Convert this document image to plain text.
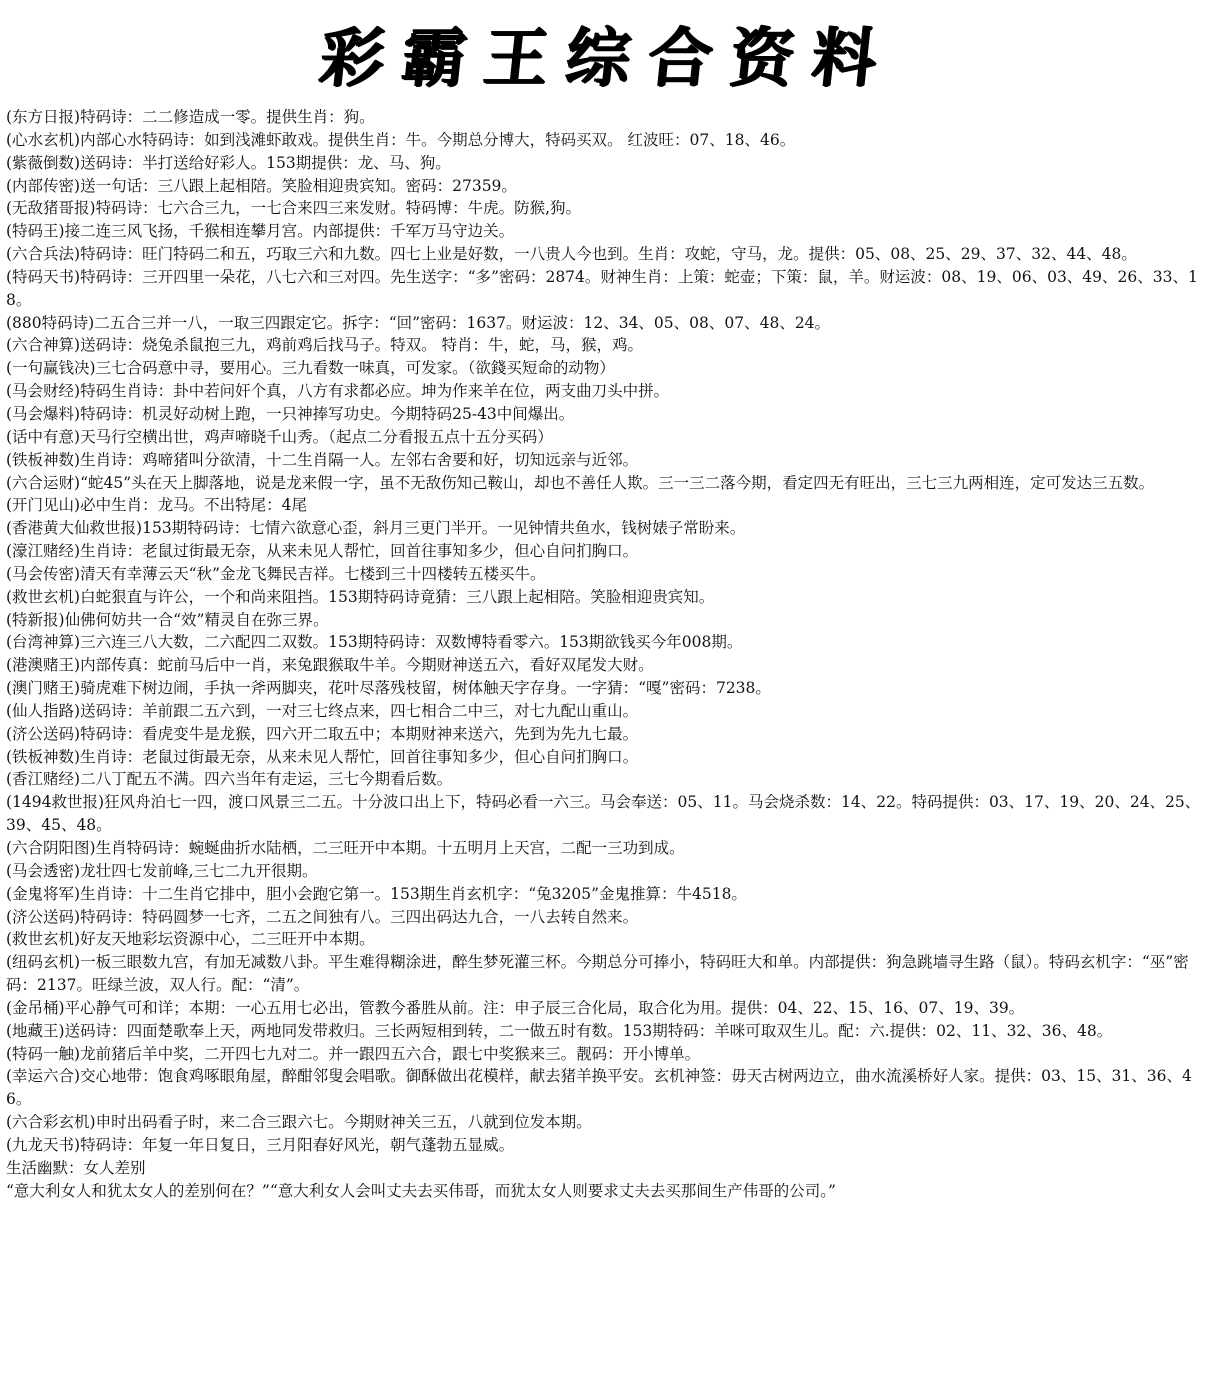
彩霸王综合资料

(东方日报)特码诗：二二修造成一零。提供生肖：狗。

(心水玄机)内部心水特码诗：如到浅滩虾敢戏。提供生肖：牛。今期总分博大，特码买双。 红波旺：07、18、46。

(紫薇倒数)送码诗：半打送给好彩人。153期提供：龙、马、狗。

(内部传密)送一句话：三八跟上起相陪。笑脸相迎贵宾知。密码：27359。

(无敌猪哥报)特码诗：七六合三九，一七合来四三来发财。特码博：牛虎。防猴,狗。

(特码王)接二连三风飞扬，千猴相连攀月宫。内部提供：千军万马守边关。

(六合兵法)特码诗：旺门特码二和五，巧取三六和九数。四七上业是好数，一八贵人今也到。生肖：攻蛇，守马，龙。提供：05、08、25、29、37、32、44、48。

(特码天书)特码诗：三开四里一朵花，八七六和三对四。先生送字：“多”密码：2874。财神生肖：上策：蛇壶；下策：鼠，羊。财运波：08、19、06、03、49、26、33、18。

(880特码诗)二五合三并一八，一取三四跟定它。拆字：“回”密码：1637。财运波：12、34、05、08、07、48、24。

(六合神算)送码诗：烧兔杀鼠抱三九，鸡前鸡后找马子。特双。 特肖：牛，蛇，马，猴，鸡。

(一句赢钱决)三七合码意中寻，要用心。三九看数一味真，可发家。（欲錢买短命的动物）

(马会财经)特码生肖诗：卦中若问奸个真，八方有求都必应。坤为作来羊在位，两支曲刀头中拼。

(马会爆料)特码诗：机灵好动树上跑，一只神捧写功史。今期特码25-43中间爆出。

(话中有意)天马行空横出世，鸡声啼晓千山秀。（起点二分看报五点十五分买码）

(铁板神数)生肖诗：鸡啼猪叫分欲清，十二生肖隔一人。左邻右舍要和好，切知远亲与近邻。

(六合运财)“蛇45”头在天上脚落地，说是龙来假一字，虽不无敌伤知己鞍山，却也不善任人欺。三一三二落今期，看定四无有旺出，三七三九两相连，定可发达三五数。

(开门见山)必中生肖：龙马。不出特尾：4尾

(香港黄大仙救世报)153期特码诗：七情六欲意心歪，斜月三更门半开。一见钟情共鱼水，钱树婊子常盼来。

(濠江赌经)生肖诗：老鼠过街最无奈，从来未见人帮忙，回首往事知多少，但心自问扪胸口。

(马会传密)清天有幸薄云天“秋”金龙飞舞民吉祥。七楼到三十四楼转五楼买牛。

(救世玄机)白蛇狠直与许公，一个和尚来阻挡。153期特码诗竟猜：三八跟上起相陪。笑脸相迎贵宾知。

(特新报)仙佛何妨共一合“效”精灵自在弥三界。

(台湾神算)三六连三八大数，二六配四二双数。153期特码诗：双数博特看零六。153期欲钱买今年008期。

(港澳赌王)内部传真：蛇前马后中一肖，来兔跟猴取牛羊。今期财神送五六，看好双尾发大财。

(澳门赌王)骑虎难下树边闹，手执一斧两脚夹，花叶尽落残枝留，树体触天字存身。一字猜：“嘎”密码：7238。

(仙人指路)送码诗：羊前跟二五六到，一对三七终点来，四七相合二中三，对七九配山重山。

(济公送码)特码诗：看虎变牛是龙猴，四六开二取五中；本期财神来送六，先到为先九七最。

(铁板神数)生肖诗：老鼠过街最无奈，从来未见人帮忙，回首往事知多少，但心自问扪胸口。

(香江赌经)二八丁配五不满。四六当年有走运，三七今期看后数。

(1494救世报)狂风舟泊七一四，渡口风景三二五。十分波口出上下，特码必看一六三。马会奉送：05、11。马会烧杀数：14、22。特码提供：03、17、19、20、24、25、39、45、48。

(六合阴阳图)生肖特码诗：蜿蜒曲折水陆栖，二三旺开中本期。十五明月上天宫，二配一三功到成。

(马会透密)龙壮四七发前峰,三七二九开很期。

(金鬼将军)生肖诗：十二生肖它排中，胆小会跑它第一。153期生肖玄机字：“兔3205”金鬼推算：牛4518。

(济公送码)特码诗：特码圆梦一七齐，二五之间独有八。三四出码达九合，一八去转自然来。

(救世玄机)好友天地彩坛资源中心，二三旺开中本期。

(纽码玄机)一板三眼数九宫，有加无减数八卦。平生难得糊涂进，醉生梦死灌三杯。今期总分可捧小，特码旺大和单。内部提供：狗急跳墙寻生路（鼠）。特码玄机字：“巫”密码：2137。旺绿兰波，双人行。配：“清”。

(金吊桶)平心静气可和详；本期：一心五用七必出，管教今番胜从前。注：申子辰三合化局，取合化为用。提供：04、22、15、16、07、19、39。

(地藏王)送码诗：四面楚歌奉上天，两地同发带救归。三长两短相到转，二一做五时有数。153期特码：羊咪可取双生儿。配：六.提供：02、11、32、36、48。

(特码一触)龙前猪后羊中奖，二开四七九对二。并一跟四五六合，跟七中奖猴来三。靓码：开小博单。

(幸运六合)交心地带：饱食鸡啄眼角屋，醉酣邻叟会唱歌。御酥做出花模样，献去猪羊换平安。玄机神签：毋天古树两边立，曲水流溪桥好人家。提供：03、15、31、36、46。

(六合彩玄机)申时出码看子时，来二合三跟六七。今期财神关三五，八就到位发本期。

(九龙天书)特码诗：年复一年日复日，三月阳春好风光，朝气蓬勃五显威。

生活幽默：女人差别
“意大利女人和犹太女人的差别何在？”“意大利女人会叫丈夫去买伟哥，而犹太女人则要求丈夫去买那间生产伟哥的公司。”
